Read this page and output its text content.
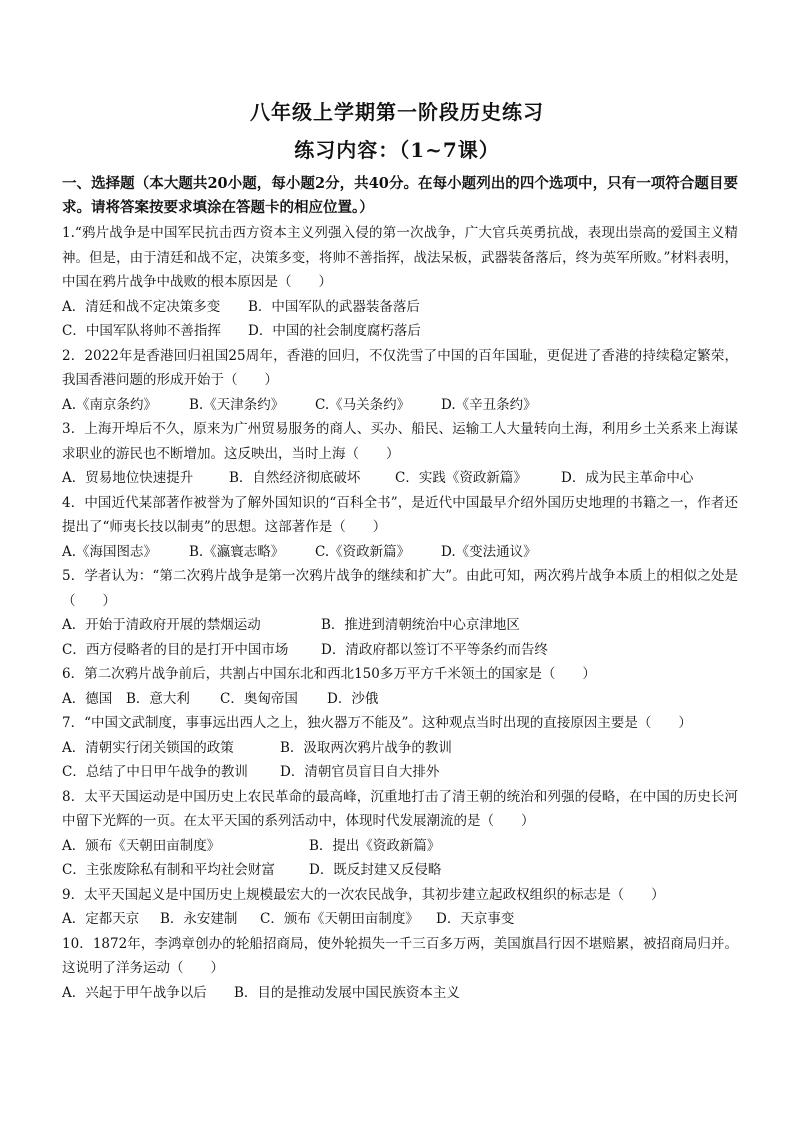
八年级上学期第一阶段历史练习
练习内容：（1~7课）

一、选择题（本大题共20小题，每小题2分，共40分。在每小题列出的四个选项中，只有一项符合题目要求。请将答案按要求填涂在答题卡的相应位置。）

1.“鸦片战争是中国军民抗击西方资本主义列强入侵的第一次战争，广大官兵英勇抗战，表现出崇高的爱国主义精神。但是，由于清廷和战不定，决策多变，将帅不善指挥，战法呆板，武器装备落后，终为英军所败。”材料表明，中国在鸦片战争中战败的根本原因是（　　）

A．清廷和战不定决策多变	B．中国军队的武器装备落后
C．中国军队将帅不善指挥	D．中国的社会制度腐朽落后

2．2022年是香港回归祖国25周年，香港的回归，不仅洗雪了中国的百年国耻，更促进了香港的持续稳定繁荣，我国香港问题的形成开始于（　　）

A.《南京条约》	B.《天津条约》	C.《马关条约》	D.《辛丑条约》

3．上海开埠后不久，原来为广州贸易服务的商人、买办、船民、运输工人大量转向土海，利用乡土关系来上海谋求职业的游民也不断增加。这反映出，当时上海（　　）

A．贸易地位快速提升	B．自然经济彻底破坏	C．实践《资政新篇》	D．成为民主革命中心

4．中国近代某部著作被誉为了解外国知识的“百科全书”，是近代中国最早介绍外国历史地理的书籍之一，作者还提出了“师夷长技以制夷”的思想。这部著作是（　　）

A.《海国图志》	B.《瀛寰志略》	C.《资政新篇》	D.《变法通议》

5．学者认为：“第二次鸦片战争是第一次鸦片战争的继续和扩大”。由此可知，两次鸦片战争本质上的相似之处是（　　）

A．开始于清政府开展的禁烟运动	B．推进到清朝统治中心京津地区
C．西方侵略者的目的是打开中国市场	D．清政府都以签订不平等条约而告终

6．第二次鸦片战争前后，共割占中国东北和西北150多万平方千米领土的国家是（　　）

A．德国	B．意大利	C．奥匈帝国	D．沙俄

7．“中国文武制度，事事远出西人之上，独火器万不能及”。这种观点当时出现的直接原因主要是（　　）

A．清朝实行闭关锁国的政策	B．汲取两次鸦片战争的教训
C．总结了中日甲午战争的教训	D．清朝官员盲目自大排外

8．太平天国运动是中国历史上农民革命的最高峰，沉重地打击了清王朝的统治和列强的侵略，在中国的历史长河中留下光辉的一页。在太平天国的系列活动中，体现时代发展潮流的是（　　）

A．颁布《天朝田亩制度》	B．提出《资政新篇》
C．主张废除私有制和平均社会财富	D．既反封建又反侵略

9．太平天国起义是中国历史上规模最宏大的一次农民战争，其初步建立起政权组织的标志是（　　）

A．定都天京	B．永安建制	C．颁布《天朝田亩制度》	D．天京事变

10．1872年，李鸿章创办的轮船招商局，使外轮损失一千三百多万两，美国旗昌行因不堪赔累，被招商局归并。这说明了洋务运动（　　）

A．兴起于甲午战争以后	B．目的是推动发展中国民族资本主义
